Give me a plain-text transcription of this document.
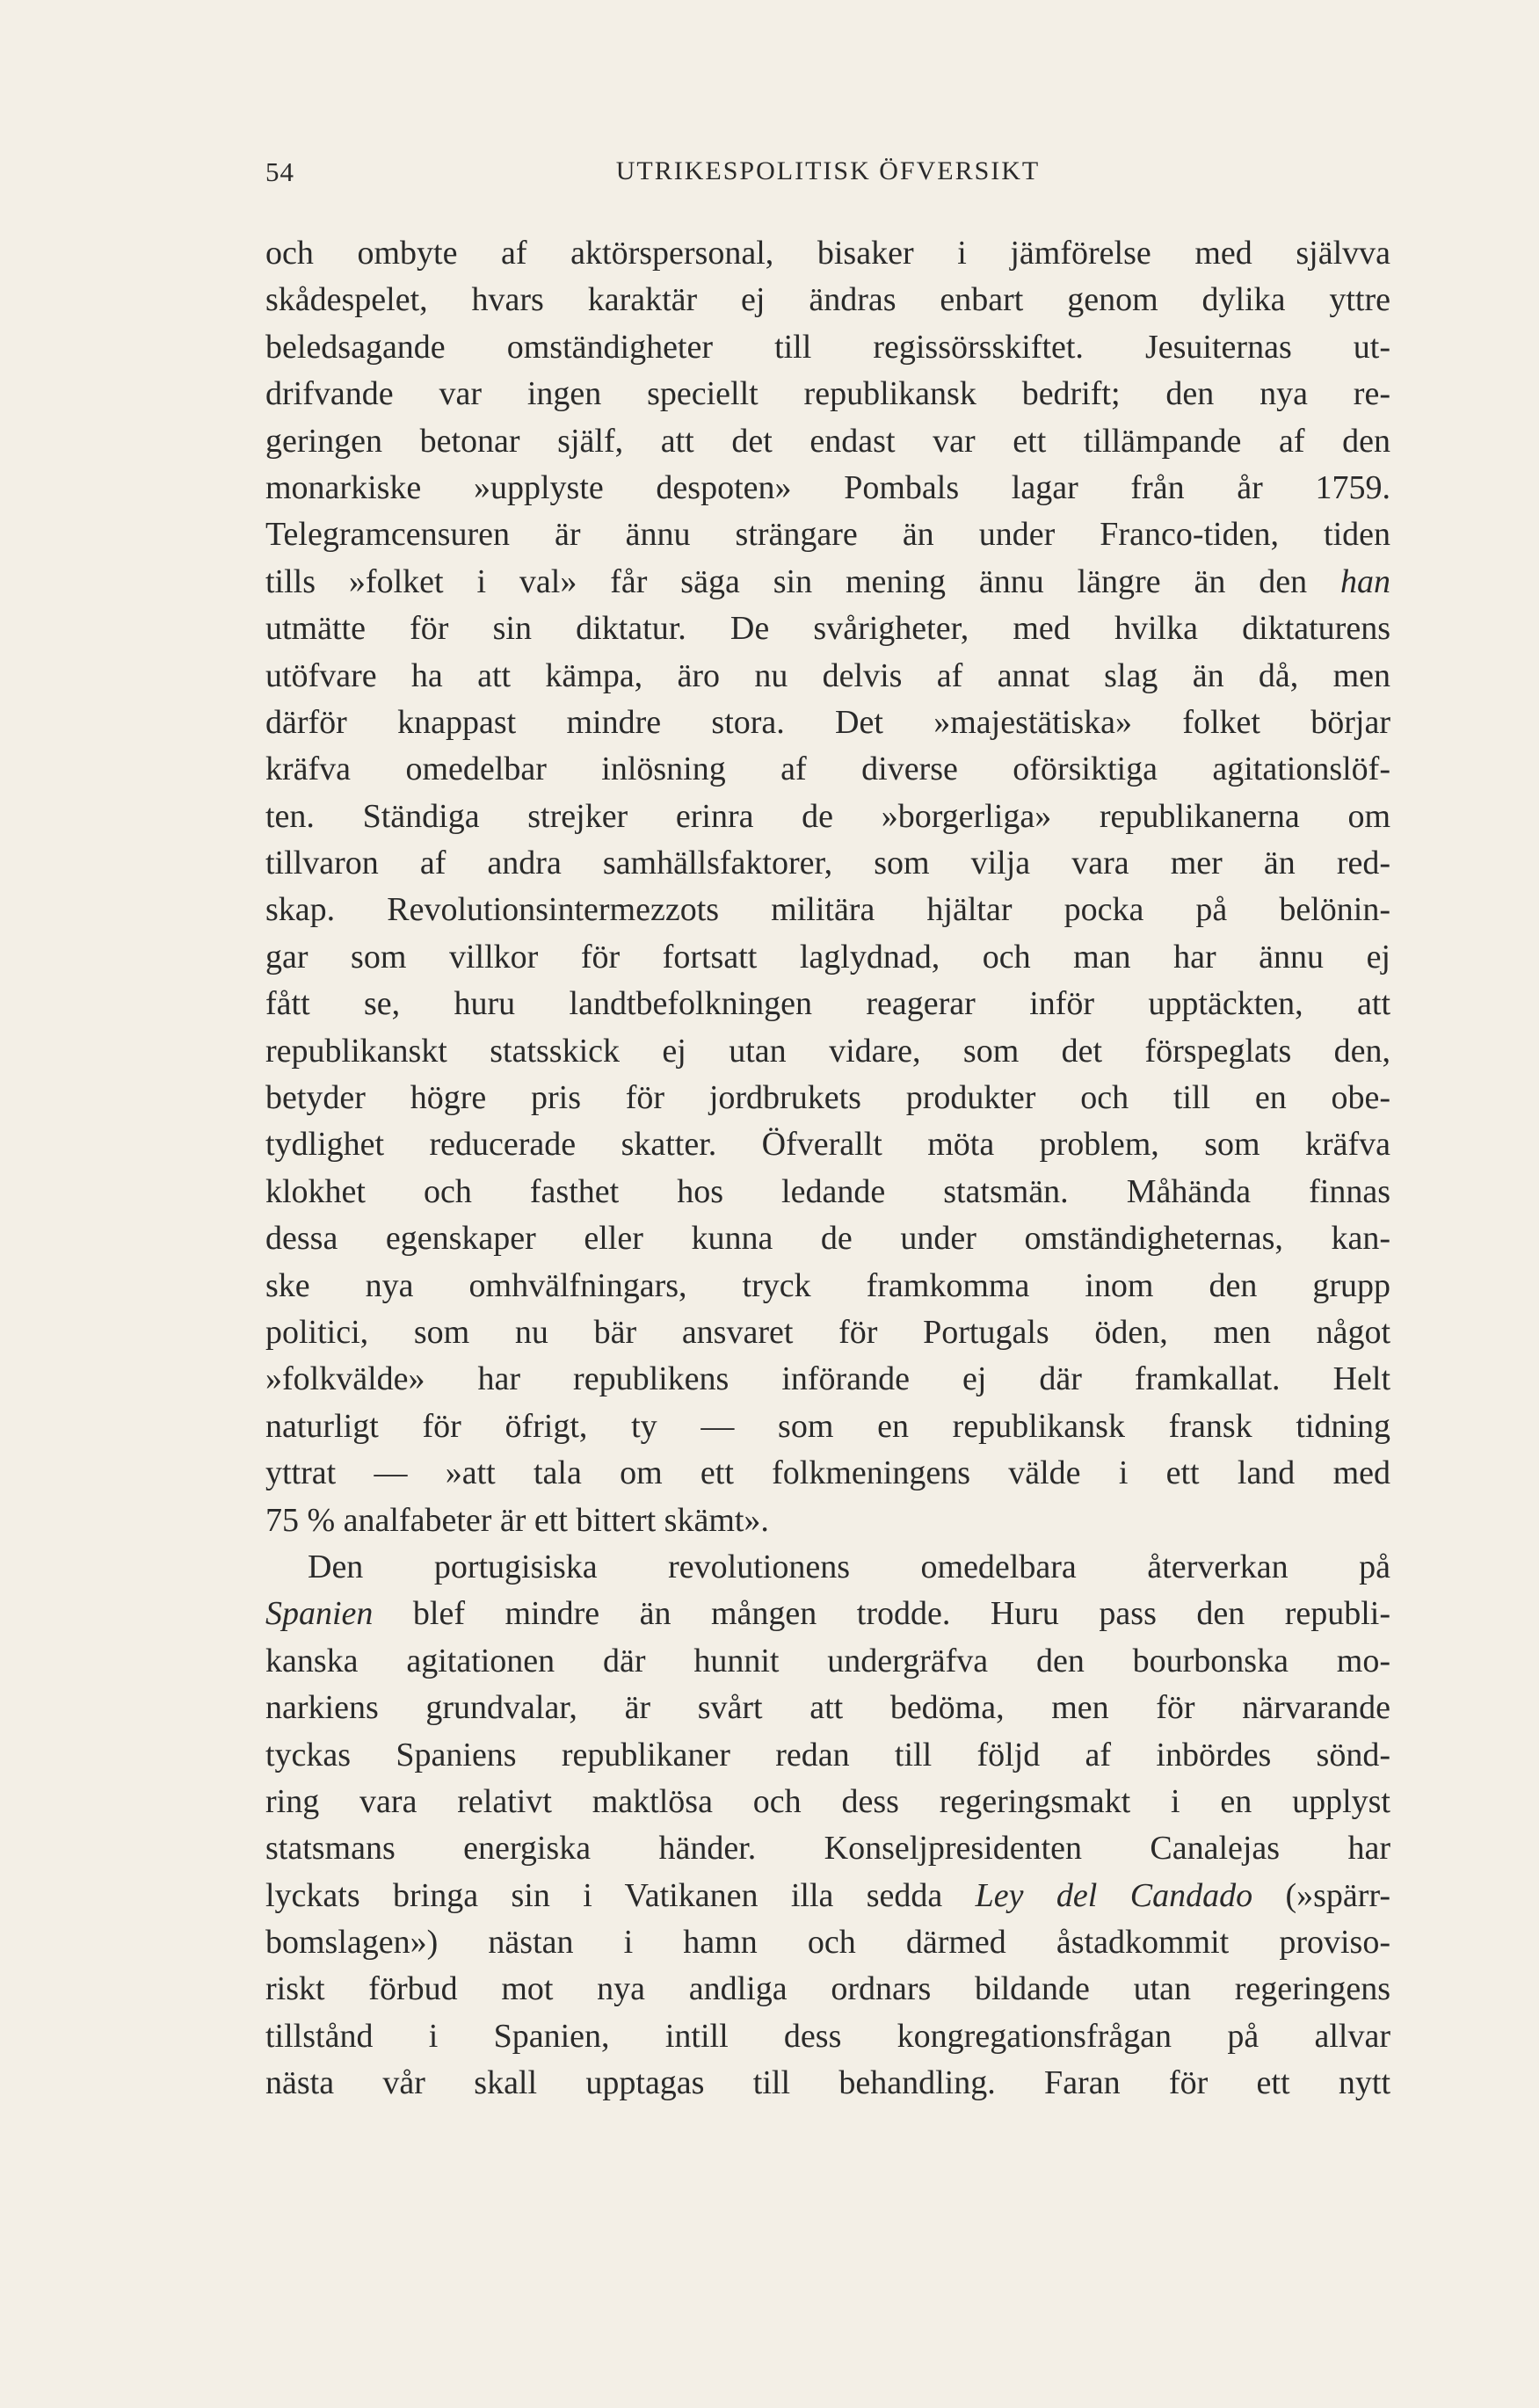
54	UTRIKESPOLITISK ÖFVERSIKT
och ombyte af aktörspersonal, bisaker i jämförelse med självva
skådespelet, hvars karaktär ej ändras enbart genom dylika yttre
beledsagande omständigheter till regissörsskiftet. Jesuiternas ut-
drifvande var ingen speciellt republikansk bedrift; den nya re-
geringen betonar själf, att det endast var ett tillämpande af den
monarkiske »upplyste despoten» Pombals lagar från år 1759.
Telegramcensuren är ännu strängare än under Franco-tiden, tiden
tills »folket i val» får säga sin mening ännu längre än den han
utmätte för sin diktatur. De svårigheter, med hvilka diktaturens
utöfvare ha att kämpa, äro nu delvis af annat slag än då, men
därför knappast mindre stora. Det »majestätiska» folket börjar
kräfva omedelbar inlösning af diverse oförsiktiga agitationslöf-
ten. Ständiga strejker erinra de »borgerliga» republikanerna om
tillvaron af andra samhällsfaktorer, som vilja vara mer än red-
skap. Revolutionsintermezzots militära hjältar pocka på belönin-
gar som villkor för fortsatt laglydnad, och man har ännu ej
fått se, huru landtbefolkningen reagerar inför upptäckten, att
republikanskt statsskick ej utan vidare, som det förspeglats den,
betyder högre pris för jordbrukets produkter och till en obe-
tydlighet reducerade skatter. Öfverallt möta problem, som kräfva
klokhet och fasthet hos ledande statsmän. Måhända finnas
dessa egenskaper eller kunna de under omständigheternas, kan-
ske nya omhvälfningars, tryck framkomma inom den grupp
politici, som nu bär ansvaret för Portugals öden, men något
»folkvälde» har republikens införande ej där framkallat. Helt
naturligt för öfrigt, ty — som en republikansk fransk tidning
yttrat — »att tala om ett folkmeningens välde i ett land med
75 % analfabeter är ett bittert skämt».
Den portugisiska revolutionens omedelbara återverkan på
Spanien blef mindre än mången trodde. Huru pass den republi-
kanska agitationen där hunnit undergräfva den bourbonska mo-
narkiens grundvalar, är svårt att bedöma, men för närvarande
tyckas Spaniens republikaner redan till följd af inbördes sönd-
ring vara relativt maktlösa och dess regeringsmakt i en upplyst
statsmans energiska händer. Konseljpresidenten Canalejas har
lyckats bringa sin i Vatikanen illa sedda Ley del Candado (»spärr-
bomslagen») nästan i hamn och därmed åstadkommit proviso-
riskt förbud mot nya andliga ordnars bildande utan regeringens
tillstånd i Spanien, intill dess kongregationsfrågan på allvar
nästa vår skall upptagas till behandling. Faran för ett nytt
